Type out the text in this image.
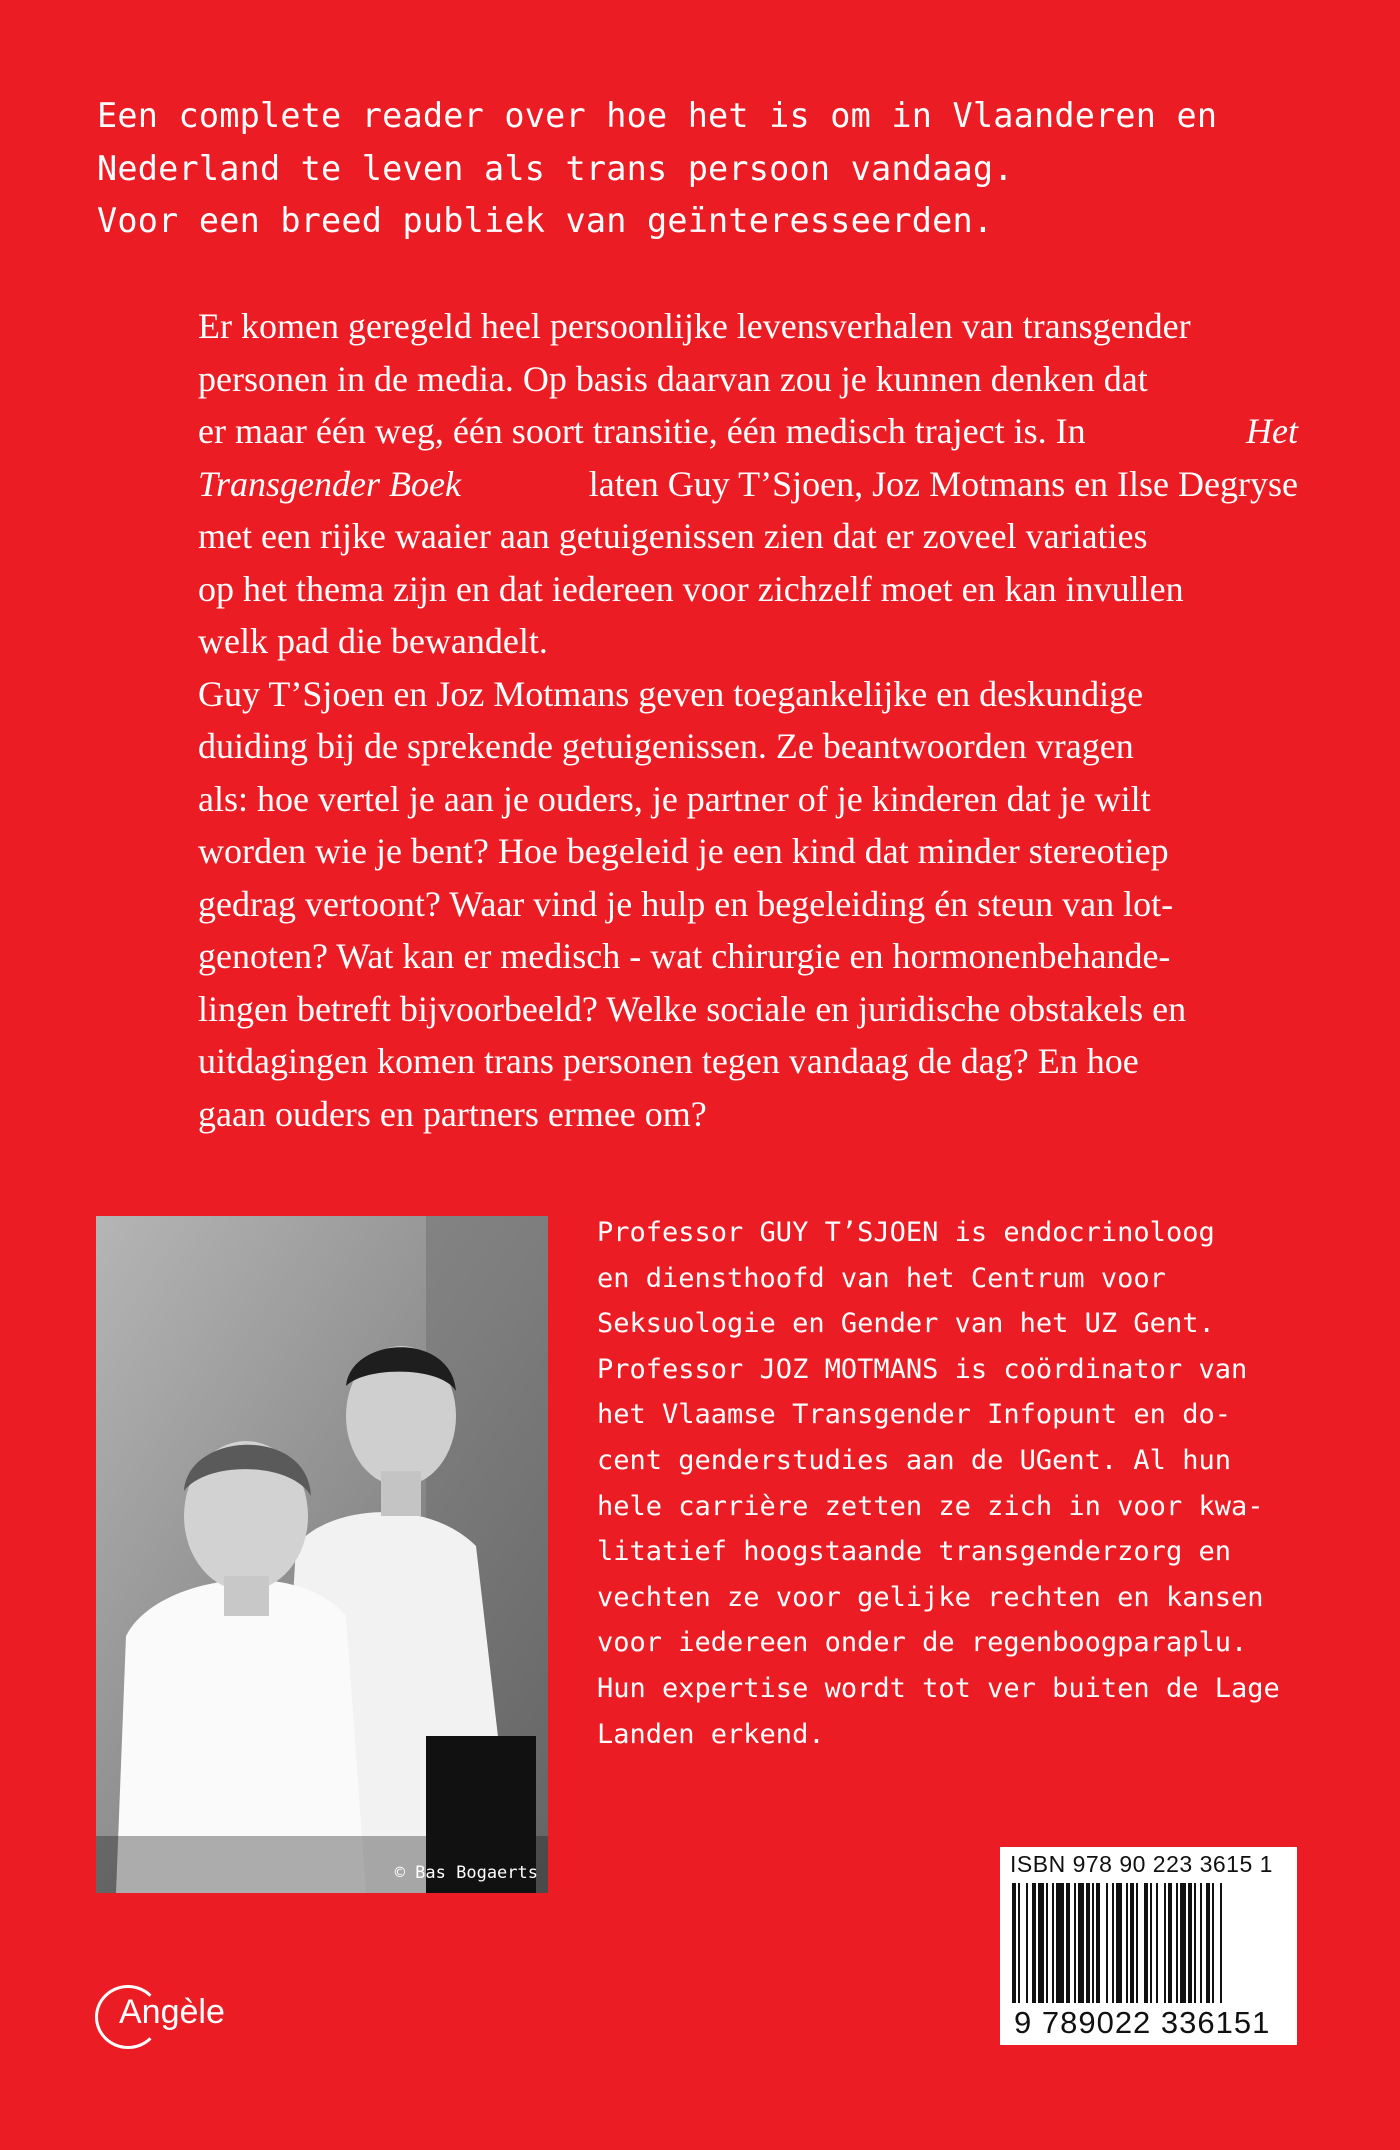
Een complete reader over hoe het is om in Vlaanderen en
Nederland te leven als trans persoon vandaag.
Voor een breed publiek van geïnteresseerden.
Er komen geregeld heel persoonlijke levensverhalen van transgender
personen in de media. Op basis daarvan zou je kunnen denken dat
er maar één weg, één soort transitie, één medisch traject is. In	Het
Transgender Boek	laten Guy T’Sjoen, Joz Motmans en Ilse Degryse
met een rijke waaier aan getuigenissen zien dat er zoveel variaties
op het thema zijn en dat iedereen voor zichzelf moet en kan invullen
welk pad die bewandelt.
Guy T’Sjoen en Joz Motmans geven toegankelijke en deskundige
duiding bij de sprekende getuigenissen. Ze beantwoorden vragen
als: hoe vertel je aan je ouders, je partner of je kinderen dat je wilt
worden wie je bent? Hoe begeleid je een kind dat minder stereotiep
gedrag vertoont? Waar vind je hulp en begeleiding én steun van lot-
genoten? Wat kan er medisch - wat chirurgie en hormonenbehande-
lingen betreft bijvoorbeeld? Welke sociale en juridische obstakels en
uitdagingen komen trans personen tegen vandaag de dag? En hoe
gaan ouders en partners ermee om?
© Bas Bogaerts
Professor GUY T’SJOEN is endocrinoloog
en diensthoofd van het Centrum voor
Seksuologie en Gender van het UZ Gent.
Professor JOZ MOTMANS is coördinator van
het Vlaamse Transgender Infopunt en do-
cent genderstudies aan de UGent. Al hun
hele carrière zetten ze zich in voor kwa-
litatief hoogstaande transgenderzorg en
vechten ze voor gelijke rechten en kansen
voor iedereen onder de regenboogparaplu.
Hun expertise wordt tot ver buiten de Lage
Landen erkend.
Angèle
ISBN 978 90 223 3615 1
9 789022 336151
